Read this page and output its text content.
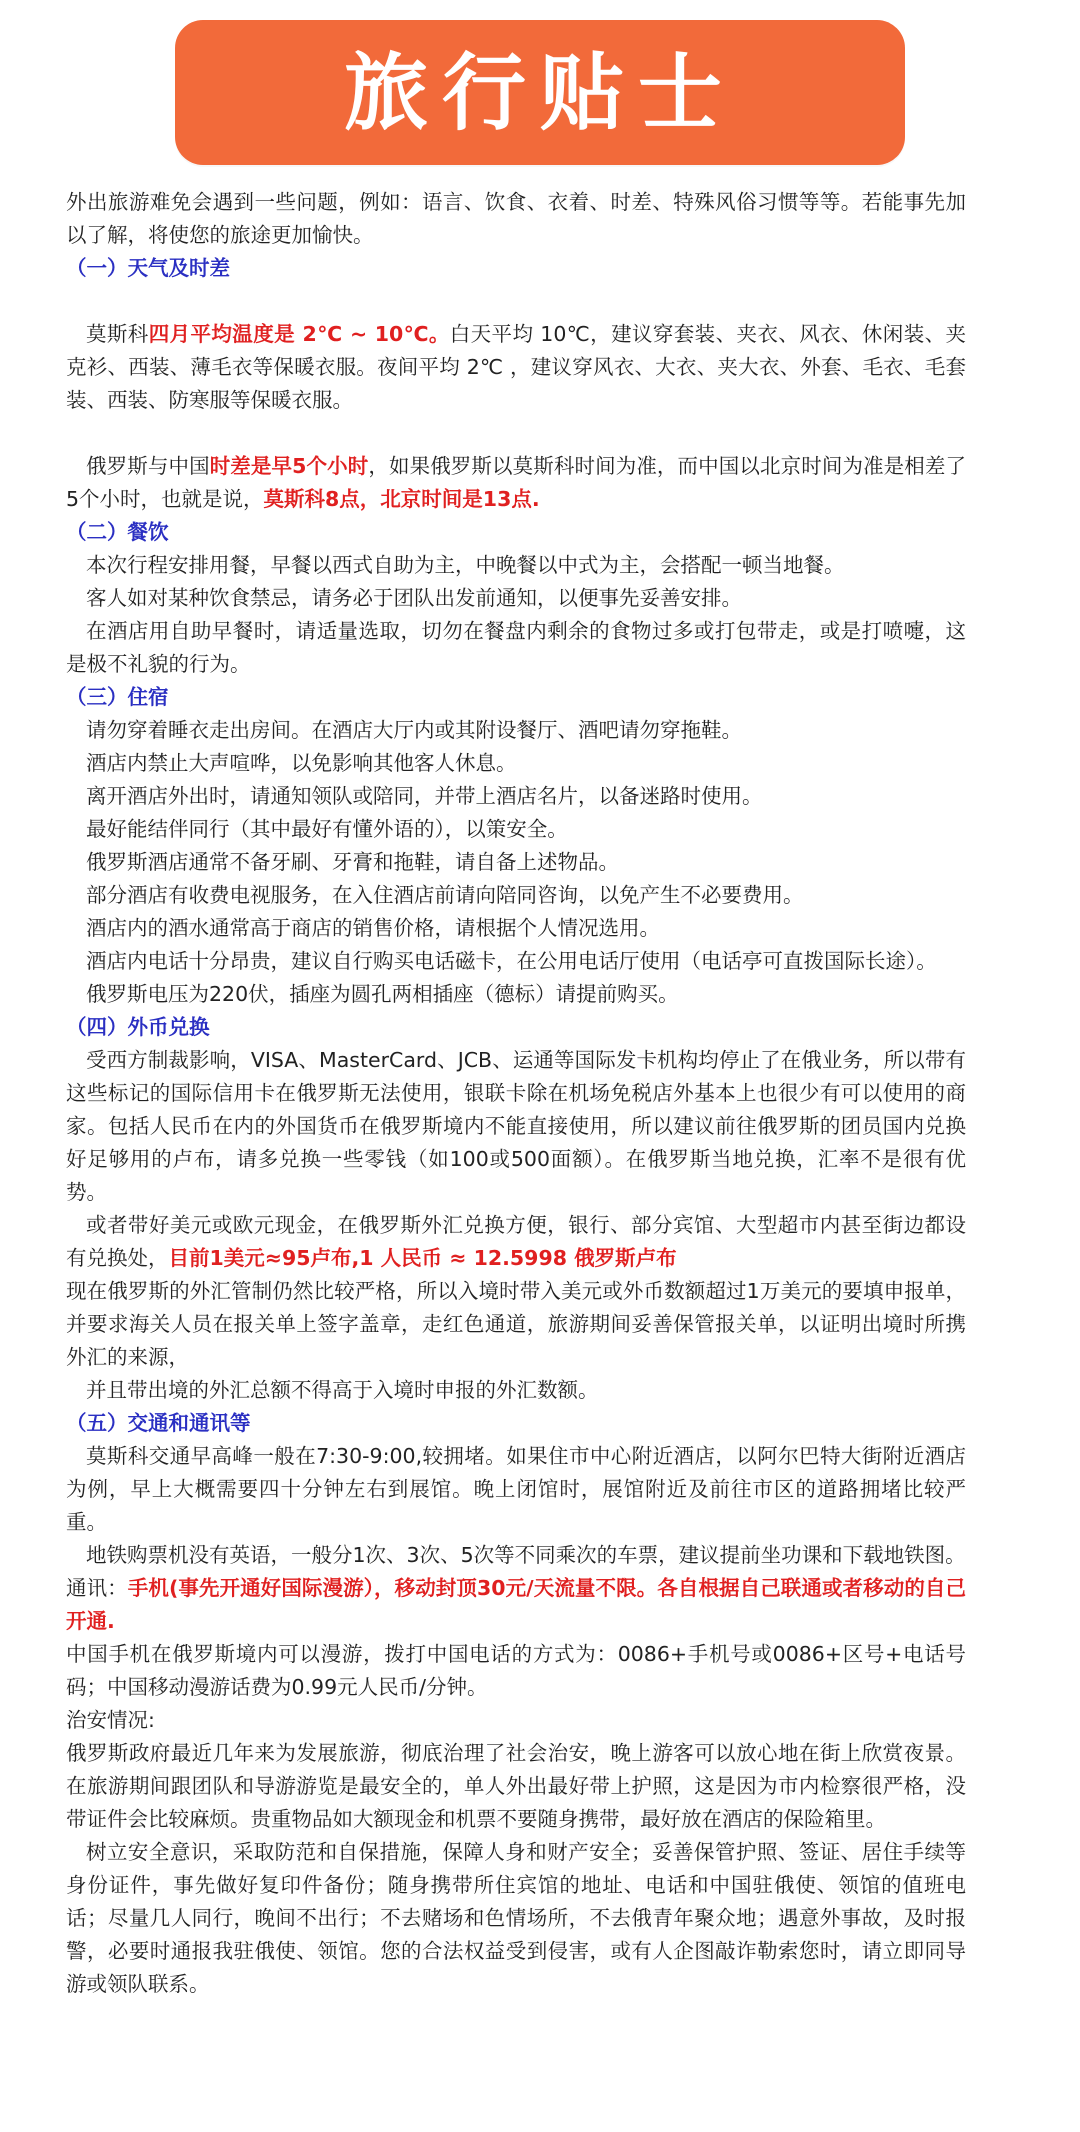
旅行贴士

外出旅游难免会遇到一些问题，例如：语言、饮食、衣着、时差、特殊风俗习惯等等。若能事先加以了解，将使您的旅途更加愉快。

（一）天气及时差

莫斯科四月平均温度是 2℃ ~ 10℃。白天平均 10℃，建议穿套装、夹衣、风衣、休闲装、夹克衫、西装、薄毛衣等保暖衣服。夜间平均 2℃ ，建议穿风衣、大衣、夹大衣、外套、毛衣、毛套装、西装、防寒服等保暖衣服。

俄罗斯与中国时差是早5个小时，如果俄罗斯以莫斯科时间为准，而中国以北京时间为准是相差了5个小时，也就是说，莫斯科8点，北京时间是13点.

（二）餐饮

本次行程安排用餐，早餐以西式自助为主，中晚餐以中式为主，会搭配一顿当地餐。

客人如对某种饮食禁忌，请务必于团队出发前通知，以便事先妥善安排。

在酒店用自助早餐时，请适量选取，切勿在餐盘内剩余的食物过多或打包带走，或是打喷嚏，这是极不礼貌的行为。

（三）住宿

请勿穿着睡衣走出房间。在酒店大厅内或其附设餐厅、酒吧请勿穿拖鞋。

酒店内禁止大声喧哗，以免影响其他客人休息。

离开酒店外出时，请通知领队或陪同，并带上酒店名片，以备迷路时使用。

最好能结伴同行（其中最好有懂外语的），以策安全。

俄罗斯酒店通常不备牙刷、牙膏和拖鞋，请自备上述物品。

部分酒店有收费电视服务，在入住酒店前请向陪同咨询，以免产生不必要费用。

酒店内的酒水通常高于商店的销售价格，请根据个人情况选用。

酒店内电话十分昂贵，建议自行购买电话磁卡，在公用电话厅使用（电话亭可直拨国际长途）。

俄罗斯电压为220伏，插座为圆孔两相插座（德标）请提前购买。

（四）外币兑换

受西方制裁影响，VISA、MasterCard、JCB、运通等国际发卡机构均停止了在俄业务，所以带有这些标记的国际信用卡在俄罗斯无法使用，银联卡除在机场免税店外基本上也很少有可以使用的商家。包括人民币在内的外国货币在俄罗斯境内不能直接使用，所以建议前往俄罗斯的团员国内兑换好足够用的卢布，请多兑换一些零钱（如100或500面额）。在俄罗斯当地兑换，汇率不是很有优势。

或者带好美元或欧元现金，在俄罗斯外汇兑换方便，银行、部分宾馆、大型超市内甚至街边都设有兑换处，目前1美元≈95卢布,1 人民币 ≈ 12.5998 俄罗斯卢布

现在俄罗斯的外汇管制仍然比较严格，所以入境时带入美元或外币数额超过1万美元的要填申报单，并要求海关人员在报关单上签字盖章，走红色通道，旅游期间妥善保管报关单，以证明出境时所携外汇的来源，

并且带出境的外汇总额不得高于入境时申报的外汇数额。

（五）交通和通讯等

莫斯科交通早高峰一般在7:30-9:00,较拥堵。如果住市中心附近酒店，以阿尔巴特大街附近酒店为例，早上大概需要四十分钟左右到展馆。晚上闭馆时，展馆附近及前往市区的道路拥堵比较严重。

地铁购票机没有英语，一般分1次、3次、5次等不同乘次的车票，建议提前坐功课和下载地铁图。

通讯：手机(事先开通好国际漫游），移动封顶30元/天流量不限。各自根据自己联通或者移动的自己开通.

中国手机在俄罗斯境内可以漫游，拨打中国电话的方式为：0086+手机号或0086+区号+电话号码；中国移动漫游话费为0.99元人民币/分钟。

治安情况:

俄罗斯政府最近几年来为发展旅游，彻底治理了社会治安，晚上游客可以放心地在街上欣赏夜景。在旅游期间跟团队和导游游览是最安全的，单人外出最好带上护照，这是因为市内检察很严格，没带证件会比较麻烦。贵重物品如大额现金和机票不要随身携带，最好放在酒店的保险箱里。

树立安全意识，采取防范和自保措施，保障人身和财产安全；妥善保管护照、签证、居住手续等身份证件，事先做好复印件备份；随身携带所住宾馆的地址、电话和中国驻俄使、领馆的值班电话；尽量几人同行，晚间不出行；不去赌场和色情场所，不去俄青年聚众地；遇意外事故，及时报警，必要时通报我驻俄使、领馆。您的合法权益受到侵害，或有人企图敲诈勒索您时，请立即同导游或领队联系。
